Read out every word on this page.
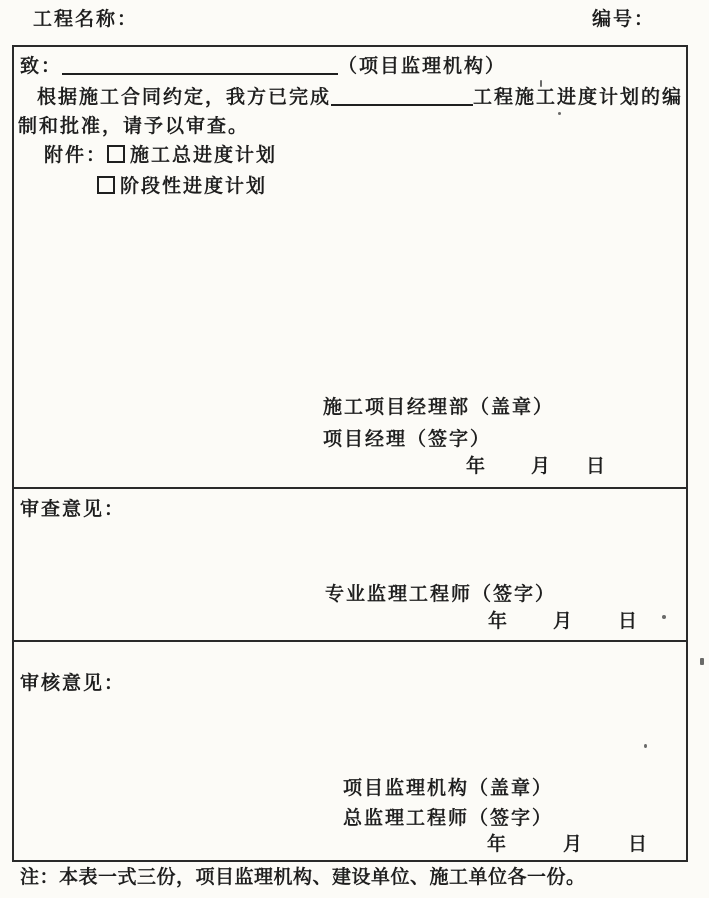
工程名称：	编号：
致：	（项目监理机构）
根据施工合同约定，我方已完成	工程施工进度计划的编
制和批准，请予以审查。
附件： 施工总进度计划
阶段性进度计划
施工项目经理部（盖章）
项目经理（签字）
年 月 日
审查意见：
专业监理工程师（签字）
年 月 日
审核意见：
项目监理机构（盖章）
总监理工程师（签字）
年	月 日
注：本表一式三份，项目监理机构、建设单位、施工单位各一份。
